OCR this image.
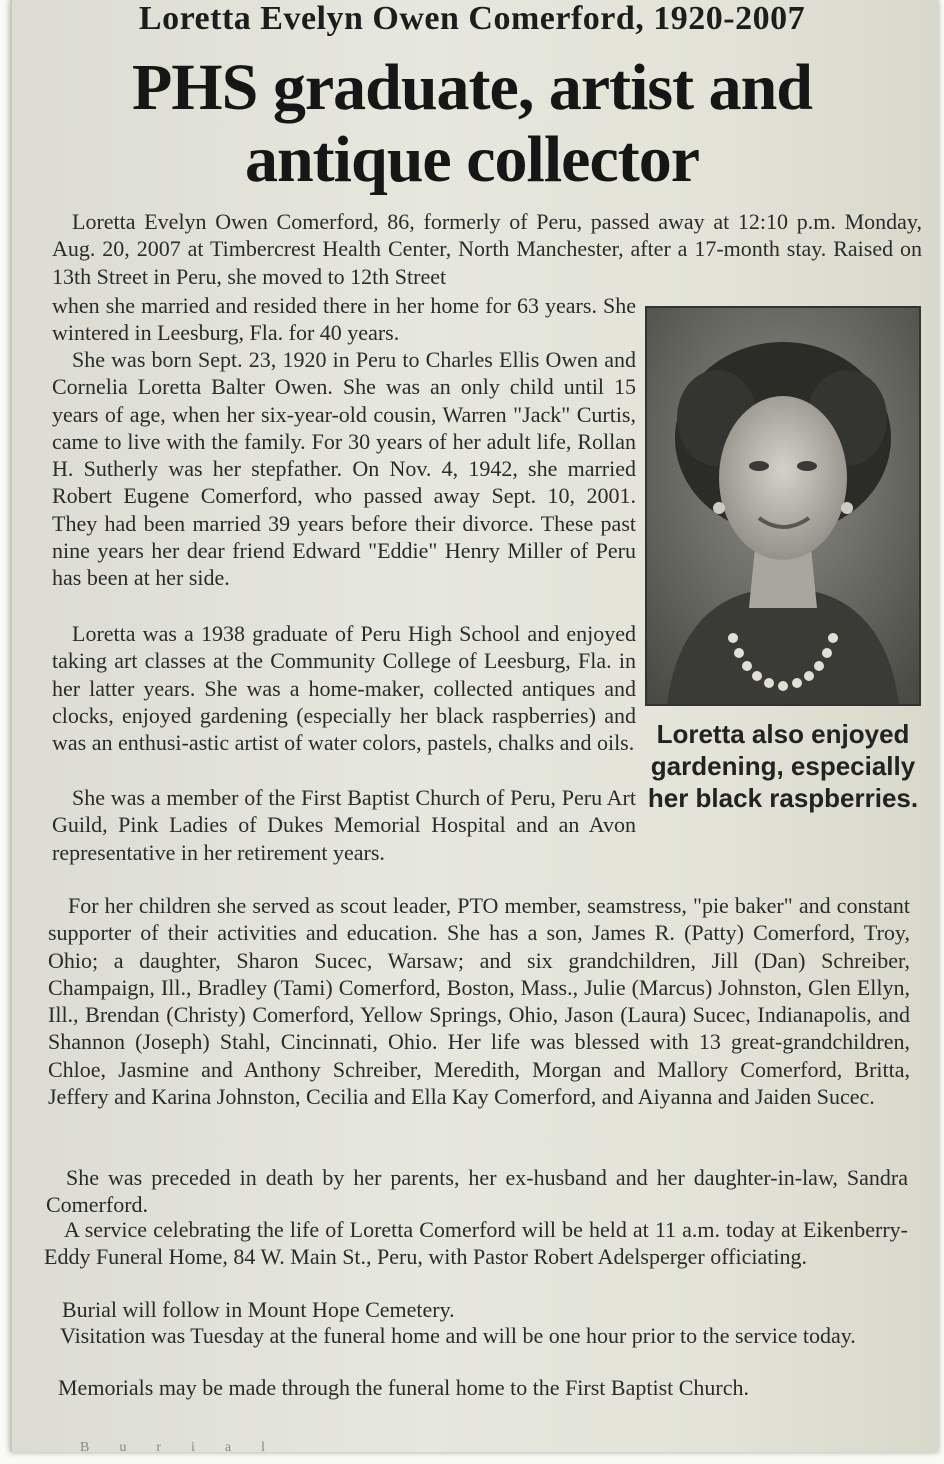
Loretta Evelyn Owen Comerford, 1920-2007
PHS graduate, artist and antique collector

Loretta Evelyn Owen Comerford, 86, formerly of Peru, passed away at 12:10 p.m. Monday, Aug. 20, 2007 at Timbercrest Health Center, North Manchester, after a 17-month stay. Raised on 13th Street in Peru, she moved to 12th Street

when she married and resided there in her home for 63 years. She wintered in Leesburg, Fla. for 40 years.

She was born Sept. 23, 1920 in Peru to Charles Ellis Owen and Cornelia Loretta Balter Owen. She was an only child until 15 years of age, when her six-year-old cousin, Warren "Jack" Curtis, came to live with the family. For 30 years of her adult life, Rollan H. Sutherly was her stepfather. On Nov. 4, 1942, she married Robert Eugene Comerford, who passed away Sept. 10, 2001. They had been married 39 years before their divorce. These past nine years her dear friend Edward "Eddie" Henry Miller of Peru has been at her side.

Loretta was a 1938 graduate of Peru High School and enjoyed taking art classes at the Community College of Leesburg, Fla. in her latter years. She was a home-maker, collected antiques and clocks, enjoyed gardening (especially her black raspberries) and was an enthusi-astic artist of water colors, pastels, chalks and oils.

She was a member of the First Baptist Church of Peru, Peru Art Guild, Pink Ladies of Dukes Memorial Hospital and an Avon representative in her retirement years.

Loretta also enjoyed gardening, especially her black raspberries.

For her children she served as scout leader, PTO member, seamstress, "pie baker" and constant supporter of their activities and education. She has a son, James R. (Patty) Comerford, Troy, Ohio; a daughter, Sharon Sucec, Warsaw; and six grandchildren, Jill (Dan) Schreiber, Champaign, Ill., Bradley (Tami) Comerford, Boston, Mass., Julie (Marcus) Johnston, Glen Ellyn, Ill., Brendan (Christy) Comerford, Yellow Springs, Ohio, Jason (Laura) Sucec, Indianapolis, and Shannon (Joseph) Stahl, Cincinnati, Ohio. Her life was blessed with 13 great-grandchildren, Chloe, Jasmine and Anthony Schreiber, Meredith, Morgan and Mallory Comerford, Britta, Jeffery and Karina Johnston, Cecilia and Ella Kay Comerford, and Aiyanna and Jaiden Sucec.

She was preceded in death by her parents, her ex-husband and her daughter-in-law, Sandra Comerford.

A service celebrating the life of Loretta Comerford will be held at 11 a.m. today at Eikenberry-Eddy Funeral Home, 84 W. Main St., Peru, with Pastor Robert Adelsperger officiating.

Burial will follow in Mount Hope Cemetery.

Visitation was Tuesday at the funeral home and will be one hour prior to the service today.

Memorials may be made through the funeral home to the First Baptist Church.

Burial
